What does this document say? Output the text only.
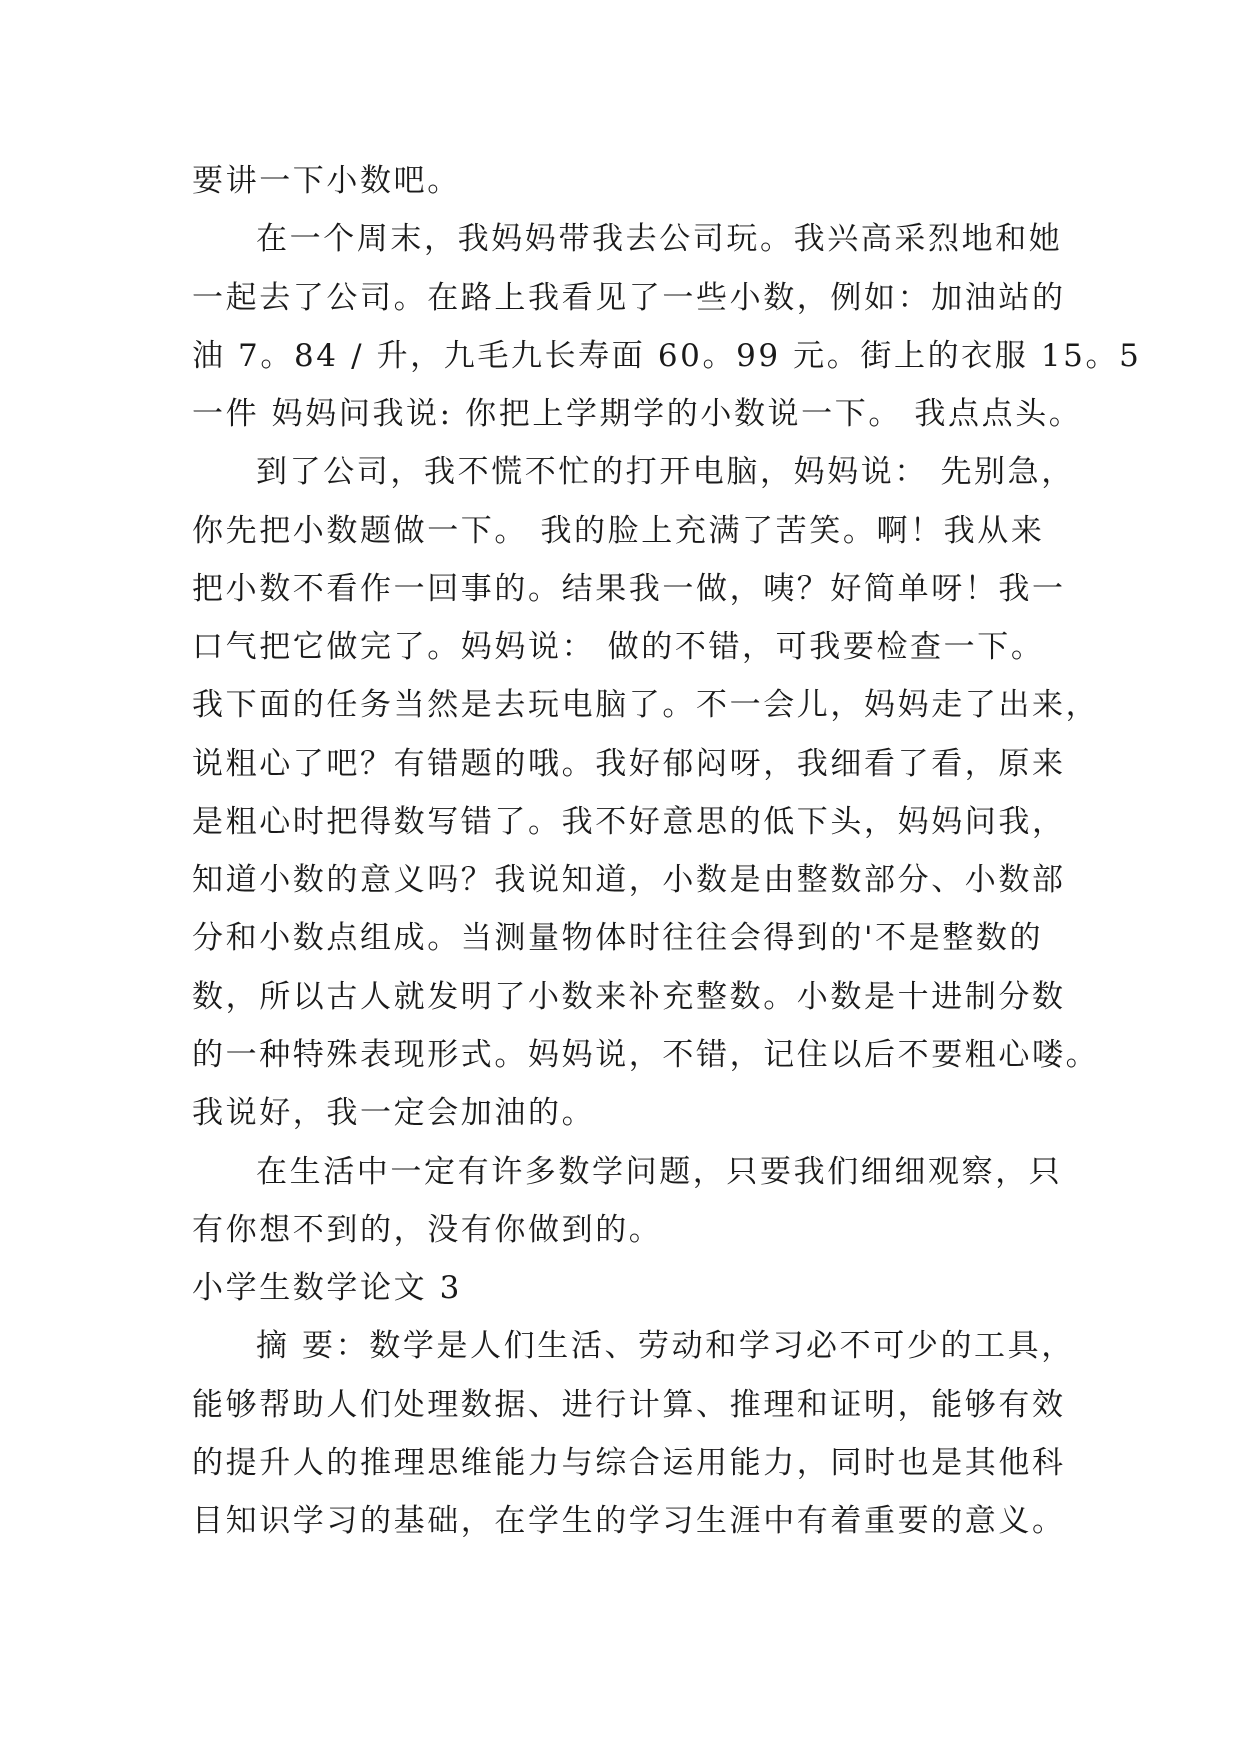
要讲一下小数吧。
在一个周末，我妈妈带我去公司玩。我兴高采烈地和她
一起去了公司。在路上我看见了一些小数，例如：加油站的
油 7。84 / 升，九毛九长寿面 60。99 元。街上的衣服 15。5
一件 妈妈问我说: 你把上学期学的小数说一下。 我点点头。
到了公司，我不慌不忙的打开电脑，妈妈说： 先别急，
你先把小数题做一下。 我的脸上充满了苦笑。啊！我从来
把小数不看作一回事的。结果我一做，咦？好简单呀！我一
口气把它做完了。妈妈说： 做的不错，可我要检查一下。
我下面的任务当然是去玩电脑了。不一会儿，妈妈走了出来，
说粗心了吧？有错题的哦。我好郁闷呀，我细看了看，原来
是粗心时把得数写错了。我不好意思的低下头，妈妈问我，
知道小数的意义吗？我说知道，小数是由整数部分、小数部
分和小数点组成。当测量物体时往往会得到的'不是整数的
数，所以古人就发明了小数来补充整数。小数是十进制分数
的一种特殊表现形式。妈妈说，不错，记住以后不要粗心喽。
我说好，我一定会加油的。
在生活中一定有许多数学问题，只要我们细细观察，只
有你想不到的，没有你做到的。
小学生数学论文 3
摘 要：数学是人们生活、劳动和学习必不可少的工具，
能够帮助人们处理数据、进行计算、推理和证明，能够有效
的提升人的推理思维能力与综合运用能力，同时也是其他科
目知识学习的基础，在学生的学习生涯中有着重要的意义。
